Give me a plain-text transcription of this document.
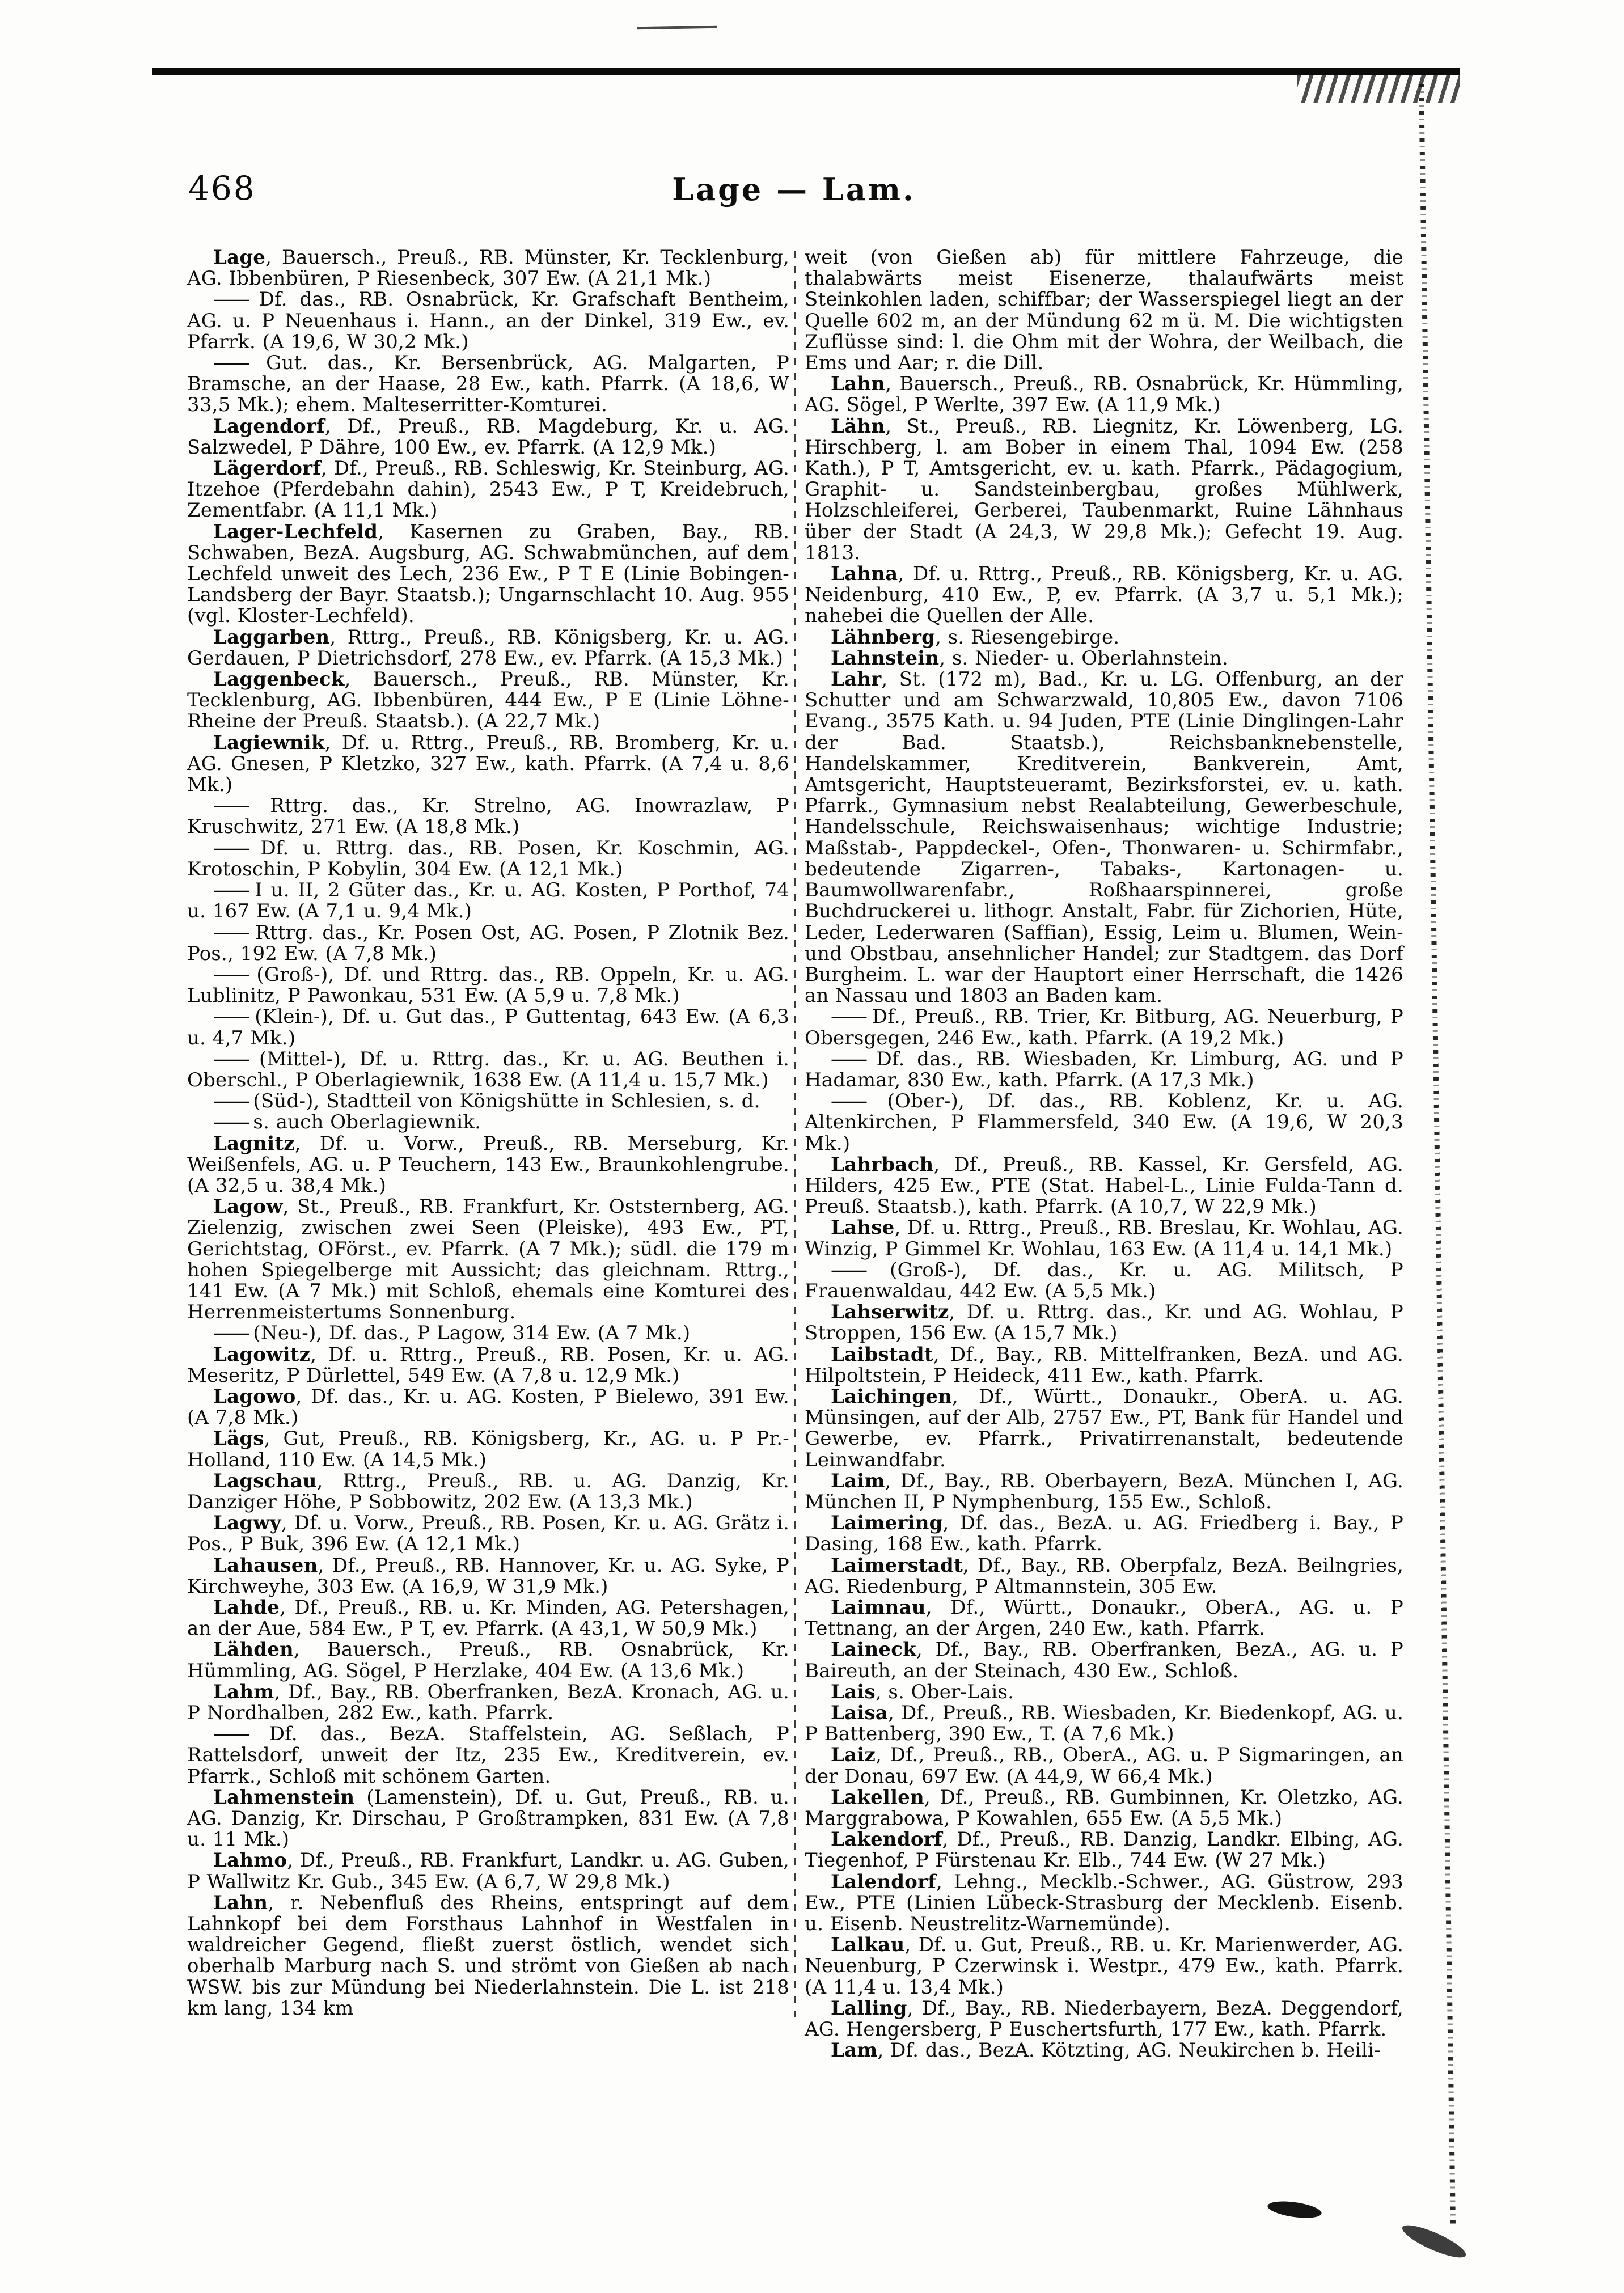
468	Lage — Lam.

Lage, Bauersch., Preuß., RB. Münster, Kr. Tecklenburg, AG. Ibbenbüren, P Riesenbeck, 307 Ew. (A 21,1 Mk.)

—— Df. das., RB. Osnabrück, Kr. Grafschaft Bentheim, AG. u. P Neuenhaus i. Hann., an der Dinkel, 319 Ew., ev. Pfarrk. (A 19,6, W 30,2 Mk.)

—— Gut. das., Kr. Bersenbrück, AG. Malgarten, P Bramsche, an der Haase, 28 Ew., kath. Pfarrk. (A 18,6, W 33,5 Mk.); ehem. Malteserritter-Komturei.

Lagendorf, Df., Preuß., RB. Magdeburg, Kr. u. AG. Salzwedel, P Dähre, 100 Ew., ev. Pfarrk. (A 12,9 Mk.)

Lägerdorf, Df., Preuß., RB. Schleswig, Kr. Steinburg, AG. Itzehoe (Pferdebahn dahin), 2543 Ew., P T, Kreidebruch, Zementfabr. (A 11,1 Mk.)

Lager-Lechfeld, Kasernen zu Graben, Bay., RB. Schwaben, BezA. Augsburg, AG. Schwabmünchen, auf dem Lechfeld unweit des Lech, 236 Ew., P T E (Linie Bobingen-Landsberg der Bayr. Staatsb.); Ungarnschlacht 10. Aug. 955 (vgl. Kloster-Lechfeld).

Laggarben, Rttrg., Preuß., RB. Königsberg, Kr. u. AG. Gerdauen, P Dietrichsdorf, 278 Ew., ev. Pfarrk. (A 15,3 Mk.)

Laggenbeck, Bauersch., Preuß., RB. Münster, Kr. Tecklenburg, AG. Ibbenbüren, 444 Ew., P E (Linie Löhne-Rheine der Preuß. Staatsb.). (A 22,7 Mk.)

Lagiewnik, Df. u. Rttrg., Preuß., RB. Bromberg, Kr. u. AG. Gnesen, P Kletzko, 327 Ew., kath. Pfarrk. (A 7,4 u. 8,6 Mk.)

—— Rttrg. das., Kr. Strelno, AG. Inowrazlaw, P Kruschwitz, 271 Ew. (A 18,8 Mk.)

—— Df. u. Rttrg. das., RB. Posen, Kr. Koschmin, AG. Krotoschin, P Kobylin, 304 Ew. (A 12,1 Mk.)

—— I u. II, 2 Güter das., Kr. u. AG. Kosten, P Porthof, 74 u. 167 Ew. (A 7,1 u. 9,4 Mk.)

—— Rttrg. das., Kr. Posen Ost, AG. Posen, P Zlotnik Bez. Pos., 192 Ew. (A 7,8 Mk.)

—— (Groß-), Df. und Rttrg. das., RB. Oppeln, Kr. u. AG. Lublinitz, P Pawonkau, 531 Ew. (A 5,9 u. 7,8 Mk.)

—— (Klein-), Df. u. Gut das., P Guttentag, 643 Ew. (A 6,3 u. 4,7 Mk.)

—— (Mittel-), Df. u. Rttrg. das., Kr. u. AG. Beuthen i. Oberschl., P Oberlagiewnik, 1638 Ew. (A 11,4 u. 15,7 Mk.)

—— (Süd-), Stadtteil von Königshütte in Schlesien, s. d.

—— s. auch Oberlagiewnik.

Lagnitz, Df. u. Vorw., Preuß., RB. Merseburg, Kr. Weißenfels, AG. u. P Teuchern, 143 Ew., Braunkohlengrube. (A 32,5 u. 38,4 Mk.)

Lagow, St., Preuß., RB. Frankfurt, Kr. Oststernberg, AG. Zielenzig, zwischen zwei Seen (Pleiske), 493 Ew., PT, Gerichtstag, OFörst., ev. Pfarrk. (A 7 Mk.); südl. die 179 m hohen Spiegelberge mit Aussicht; das gleichnam. Rttrg., 141 Ew. (A 7 Mk.) mit Schloß, ehemals eine Komturei des Herrenmeistertums Sonnenburg.

—— (Neu-), Df. das., P Lagow, 314 Ew. (A 7 Mk.)

Lagowitz, Df. u. Rttrg., Preuß., RB. Posen, Kr. u. AG. Meseritz, P Dürlettel, 549 Ew. (A 7,8 u. 12,9 Mk.)

Lagowo, Df. das., Kr. u. AG. Kosten, P Bielewo, 391 Ew. (A 7,8 Mk.)

Lägs, Gut, Preuß., RB. Königsberg, Kr., AG. u. P Pr.-Holland, 110 Ew. (A 14,5 Mk.)

Lagschau, Rttrg., Preuß., RB. u. AG. Danzig, Kr. Danziger Höhe, P Sobbowitz, 202 Ew. (A 13,3 Mk.)

Lagwy, Df. u. Vorw., Preuß., RB. Posen, Kr. u. AG. Grätz i. Pos., P Buk, 396 Ew. (A 12,1 Mk.)

Lahausen, Df., Preuß., RB. Hannover, Kr. u. AG. Syke, P Kirchweyhe, 303 Ew. (A 16,9, W 31,9 Mk.)

Lahde, Df., Preuß., RB. u. Kr. Minden, AG. Petershagen, an der Aue, 584 Ew., P T, ev. Pfarrk. (A 43,1, W 50,9 Mk.)

Lähden, Bauersch., Preuß., RB. Osnabrück, Kr. Hümmling, AG. Sögel, P Herzlake, 404 Ew. (A 13,6 Mk.)

Lahm, Df., Bay., RB. Oberfranken, BezA. Kronach, AG. u. P Nordhalben, 282 Ew., kath. Pfarrk.

—— Df. das., BezA. Staffelstein, AG. Seßlach, P Rattelsdorf, unweit der Itz, 235 Ew., Kreditverein, ev. Pfarrk., Schloß mit schönem Garten.

Lahmenstein (Lamenstein), Df. u. Gut, Preuß., RB. u. AG. Danzig, Kr. Dirschau, P Großtrampken, 831 Ew. (A 7,8 u. 11 Mk.)

Lahmo, Df., Preuß., RB. Frankfurt, Landkr. u. AG. Guben, P Wallwitz Kr. Gub., 345 Ew. (A 6,7, W 29,8 Mk.)

Lahn, r. Nebenfluß des Rheins, entspringt auf dem Lahnkopf bei dem Forsthaus Lahnhof in Westfalen in waldreicher Gegend, fließt zuerst östlich, wendet sich oberhalb Marburg nach S. und strömt von Gießen ab nach WSW. bis zur Mündung bei Niederlahnstein. Die L. ist 218 km lang, 134 km

weit (von Gießen ab) für mittlere Fahrzeuge, die thalabwärts meist Eisenerze, thalaufwärts meist Steinkohlen laden, schiffbar; der Wasserspiegel liegt an der Quelle 602 m, an der Mündung 62 m ü. M. Die wichtigsten Zuflüsse sind: l. die Ohm mit der Wohra, der Weilbach, die Ems und Aar; r. die Dill.

Lahn, Bauersch., Preuß., RB. Osnabrück, Kr. Hümmling, AG. Sögel, P Werlte, 397 Ew. (A 11,9 Mk.)

Lähn, St., Preuß., RB. Liegnitz, Kr. Löwenberg, LG. Hirschberg, l. am Bober in einem Thal, 1094 Ew. (258 Kath.), P T, Amtsgericht, ev. u. kath. Pfarrk., Pädagogium, Graphit- u. Sandsteinbergbau, großes Mühlwerk, Holzschleiferei, Gerberei, Taubenmarkt, Ruine Lähnhaus über der Stadt (A 24,3, W 29,8 Mk.); Gefecht 19. Aug. 1813.

Lahna, Df. u. Rttrg., Preuß., RB. Königsberg, Kr. u. AG. Neidenburg, 410 Ew., P, ev. Pfarrk. (A 3,7 u. 5,1 Mk.); nahebei die Quellen der Alle.

Lähnberg, s. Riesengebirge.

Lahnstein, s. Nieder- u. Oberlahnstein.

Lahr, St. (172 m), Bad., Kr. u. LG. Offenburg, an der Schutter und am Schwarzwald, 10,805 Ew., davon 7106 Evang., 3575 Kath. u. 94 Juden, PTE (Linie Dinglingen-Lahr der Bad. Staatsb.), Reichsbanknebenstelle, Handelskammer, Kreditverein, Bankverein, Amt, Amtsgericht, Hauptsteueramt, Bezirksforstei, ev. u. kath. Pfarrk., Gymnasium nebst Realabteilung, Gewerbeschule, Handelsschule, Reichswaisenhaus; wichtige Industrie; Maßstab-, Pappdeckel-, Ofen-, Thonwaren- u. Schirmfabr., bedeutende Zigarren-, Tabaks-, Kartonagen- u. Baumwollwarenfabr., Roßhaarspinnerei, große Buchdruckerei u. lithogr. Anstalt, Fabr. für Zichorien, Hüte, Leder, Lederwaren (Saffian), Essig, Leim u. Blumen, Wein- und Obstbau, ansehnlicher Handel; zur Stadtgem. das Dorf Burgheim. L. war der Hauptort einer Herrschaft, die 1426 an Nassau und 1803 an Baden kam.

—— Df., Preuß., RB. Trier, Kr. Bitburg, AG. Neuerburg, P Obersgegen, 246 Ew., kath. Pfarrk. (A 19,2 Mk.)

—— Df. das., RB. Wiesbaden, Kr. Limburg, AG. und P Hadamar, 830 Ew., kath. Pfarrk. (A 17,3 Mk.)

—— (Ober-), Df. das., RB. Koblenz, Kr. u. AG. Altenkirchen, P Flammersfeld, 340 Ew. (A 19,6, W 20,3 Mk.)

Lahrbach, Df., Preuß., RB. Kassel, Kr. Gersfeld, AG. Hilders, 425 Ew., PTE (Stat. Habel-L., Linie Fulda-Tann d. Preuß. Staatsb.), kath. Pfarrk. (A 10,7, W 22,9 Mk.)

Lahse, Df. u. Rttrg., Preuß., RB. Breslau, Kr. Wohlau, AG. Winzig, P Gimmel Kr. Wohlau, 163 Ew. (A 11,4 u. 14,1 Mk.)

—— (Groß-), Df. das., Kr. u. AG. Militsch, P Frauenwaldau, 442 Ew. (A 5,5 Mk.)

Lahserwitz, Df. u. Rttrg. das., Kr. und AG. Wohlau, P Stroppen, 156 Ew. (A 15,7 Mk.)

Laibstadt, Df., Bay., RB. Mittelfranken, BezA. und AG. Hilpoltstein, P Heideck, 411 Ew., kath. Pfarrk.

Laichingen, Df., Württ., Donaukr., OberA. u. AG. Münsingen, auf der Alb, 2757 Ew., PT, Bank für Handel und Gewerbe, ev. Pfarrk., Privatirrenanstalt, bedeutende Leinwandfabr.

Laim, Df., Bay., RB. Oberbayern, BezA. München I, AG. München II, P Nymphenburg, 155 Ew., Schloß.

Laimering, Df. das., BezA. u. AG. Friedberg i. Bay., P Dasing, 168 Ew., kath. Pfarrk.

Laimerstadt, Df., Bay., RB. Oberpfalz, BezA. Beilngries, AG. Riedenburg, P Altmannstein, 305 Ew.

Laimnau, Df., Württ., Donaukr., OberA., AG. u. P Tettnang, an der Argen, 240 Ew., kath. Pfarrk.

Laineck, Df., Bay., RB. Oberfranken, BezA., AG. u. P Baireuth, an der Steinach, 430 Ew., Schloß.

Lais, s. Ober-Lais.

Laisa, Df., Preuß., RB. Wiesbaden, Kr. Biedenkopf, AG. u. P Battenberg, 390 Ew., T. (A 7,6 Mk.)

Laiz, Df., Preuß., RB., OberA., AG. u. P Sigmaringen, an der Donau, 697 Ew. (A 44,9, W 66,4 Mk.)

Lakellen, Df., Preuß., RB. Gumbinnen, Kr. Oletzko, AG. Marggrabowa, P Kowahlen, 655 Ew. (A 5,5 Mk.)

Lakendorf, Df., Preuß., RB. Danzig, Landkr. Elbing, AG. Tiegenhof, P Fürstenau Kr. Elb., 744 Ew. (W 27 Mk.)

Lalendorf, Lehng., Mecklb.-Schwer., AG. Güstrow, 293 Ew., PTE (Linien Lübeck-Strasburg der Mecklenb. Eisenb. u. Eisenb. Neustrelitz-Warnemünde).

Lalkau, Df. u. Gut, Preuß., RB. u. Kr. Marienwerder, AG. Neuenburg, P Czerwinsk i. Westpr., 479 Ew., kath. Pfarrk. (A 11,4 u. 13,4 Mk.)

Lalling, Df., Bay., RB. Niederbayern, BezA. Deggendorf, AG. Hengersberg, P Euschertsfurth, 177 Ew., kath. Pfarrk.

Lam, Df. das., BezA. Kötzting, AG. Neukirchen b. Heili-
